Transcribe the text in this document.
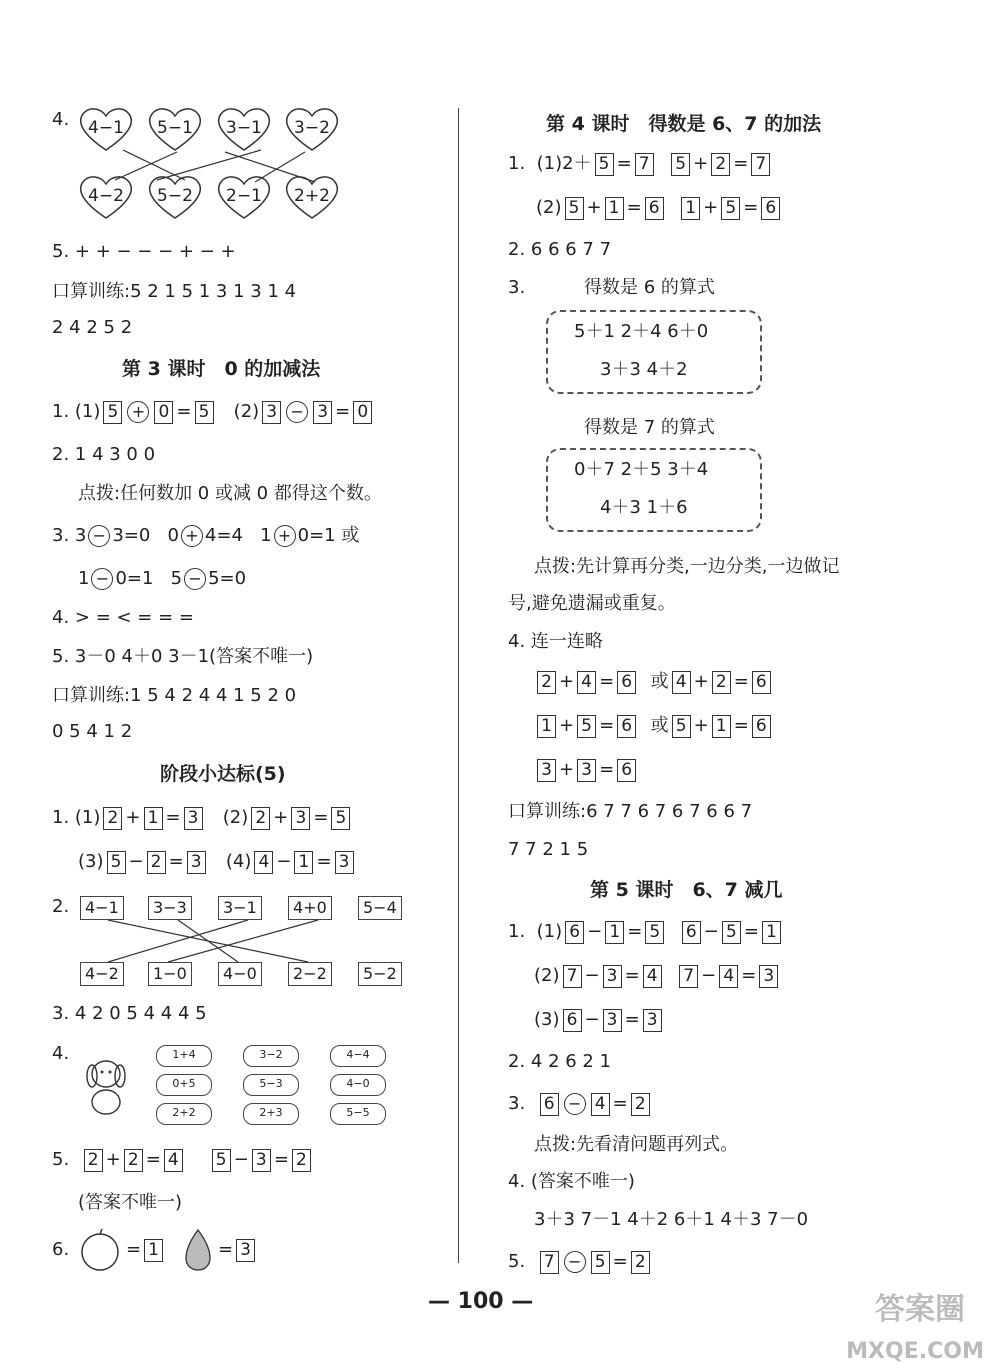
4.	4−1	5−1	3−1	3−2
4−2	5−2	2−1	2+2
5. + + − − − + − +
口算训练:5 2 1 5 1 3 1 3 1 4
2 4 2 5 2
第 3 课时　0 的加减法
1. (1) 5 + 0 = 5 (2) 3 − 3 = 0
2. 1 4 3 0 0
点拨:任何数加 0 或减 0 都得这个数。
3. 3 − 3=0 0 + 4=4 1 + 0=1 或
1 − 0=1 5 − 5=0
4. > = < = = =
5. 3－0 4＋0 3－1(答案不唯一)
口算训练:1 5 4 2 4 4 1 5 2 0
0 5 4 1 2
阶段小达标(5)
1. (1) 2 + 1 = 3 (2) 2 + 3 = 5
(3) 5 − 2 = 3 (4) 4 − 1 = 3
2. 4−1	3−3	3−1	4+0	5−4
4−2	1−0	4−0	2−2	5−2
3. 4 2 0 5 4 4 4 5
4.	1+4	3−2	4−4
0+5	5−3	4−0
2+2	2+3	5−5
5. 2 + 2 = 4 5 − 3 = 2
(答案不唯一)
6.	= 1	= 3
第 4 课时　得数是 6、7 的加法
1. (1)2＋ 5 = 7 5 + 2 = 7
(2) 5 + 1 = 6 1 + 5 = 6
2. 6 6 6 7 7
3.	得数是 6 的算式
5＋1 2＋4 6＋0
3＋3 4＋2
得数是 7 的算式
0＋7 2＋5 3＋4
4＋3 1＋6
点拨:先计算再分类,一边分类,一边做记
号,避免遗漏或重复。
4. 连一连略
2 + 4 = 6 或 4 + 2 = 6
1 + 5 = 6 或 5 + 1 = 6
3 + 3 = 6
口算训练:6 7 7 6 7 6 7 6 6 7
7 7 2 1 5
第 5 课时　6、7 减几
1. (1) 6 − 1 = 5 6 − 5 = 1
(2) 7 − 3 = 4 7 − 4 = 3
(3) 6 − 3 = 3
2. 4 2 6 2 1
3. 6 − 4 = 2
点拨:先看清问题再列式。
4. (答案不唯一)
3＋3 7－1 4＋2 6＋1 4＋3 7－0
5. 7 − 5 = 2
— 100 —	答案圈
MXQE.COM
